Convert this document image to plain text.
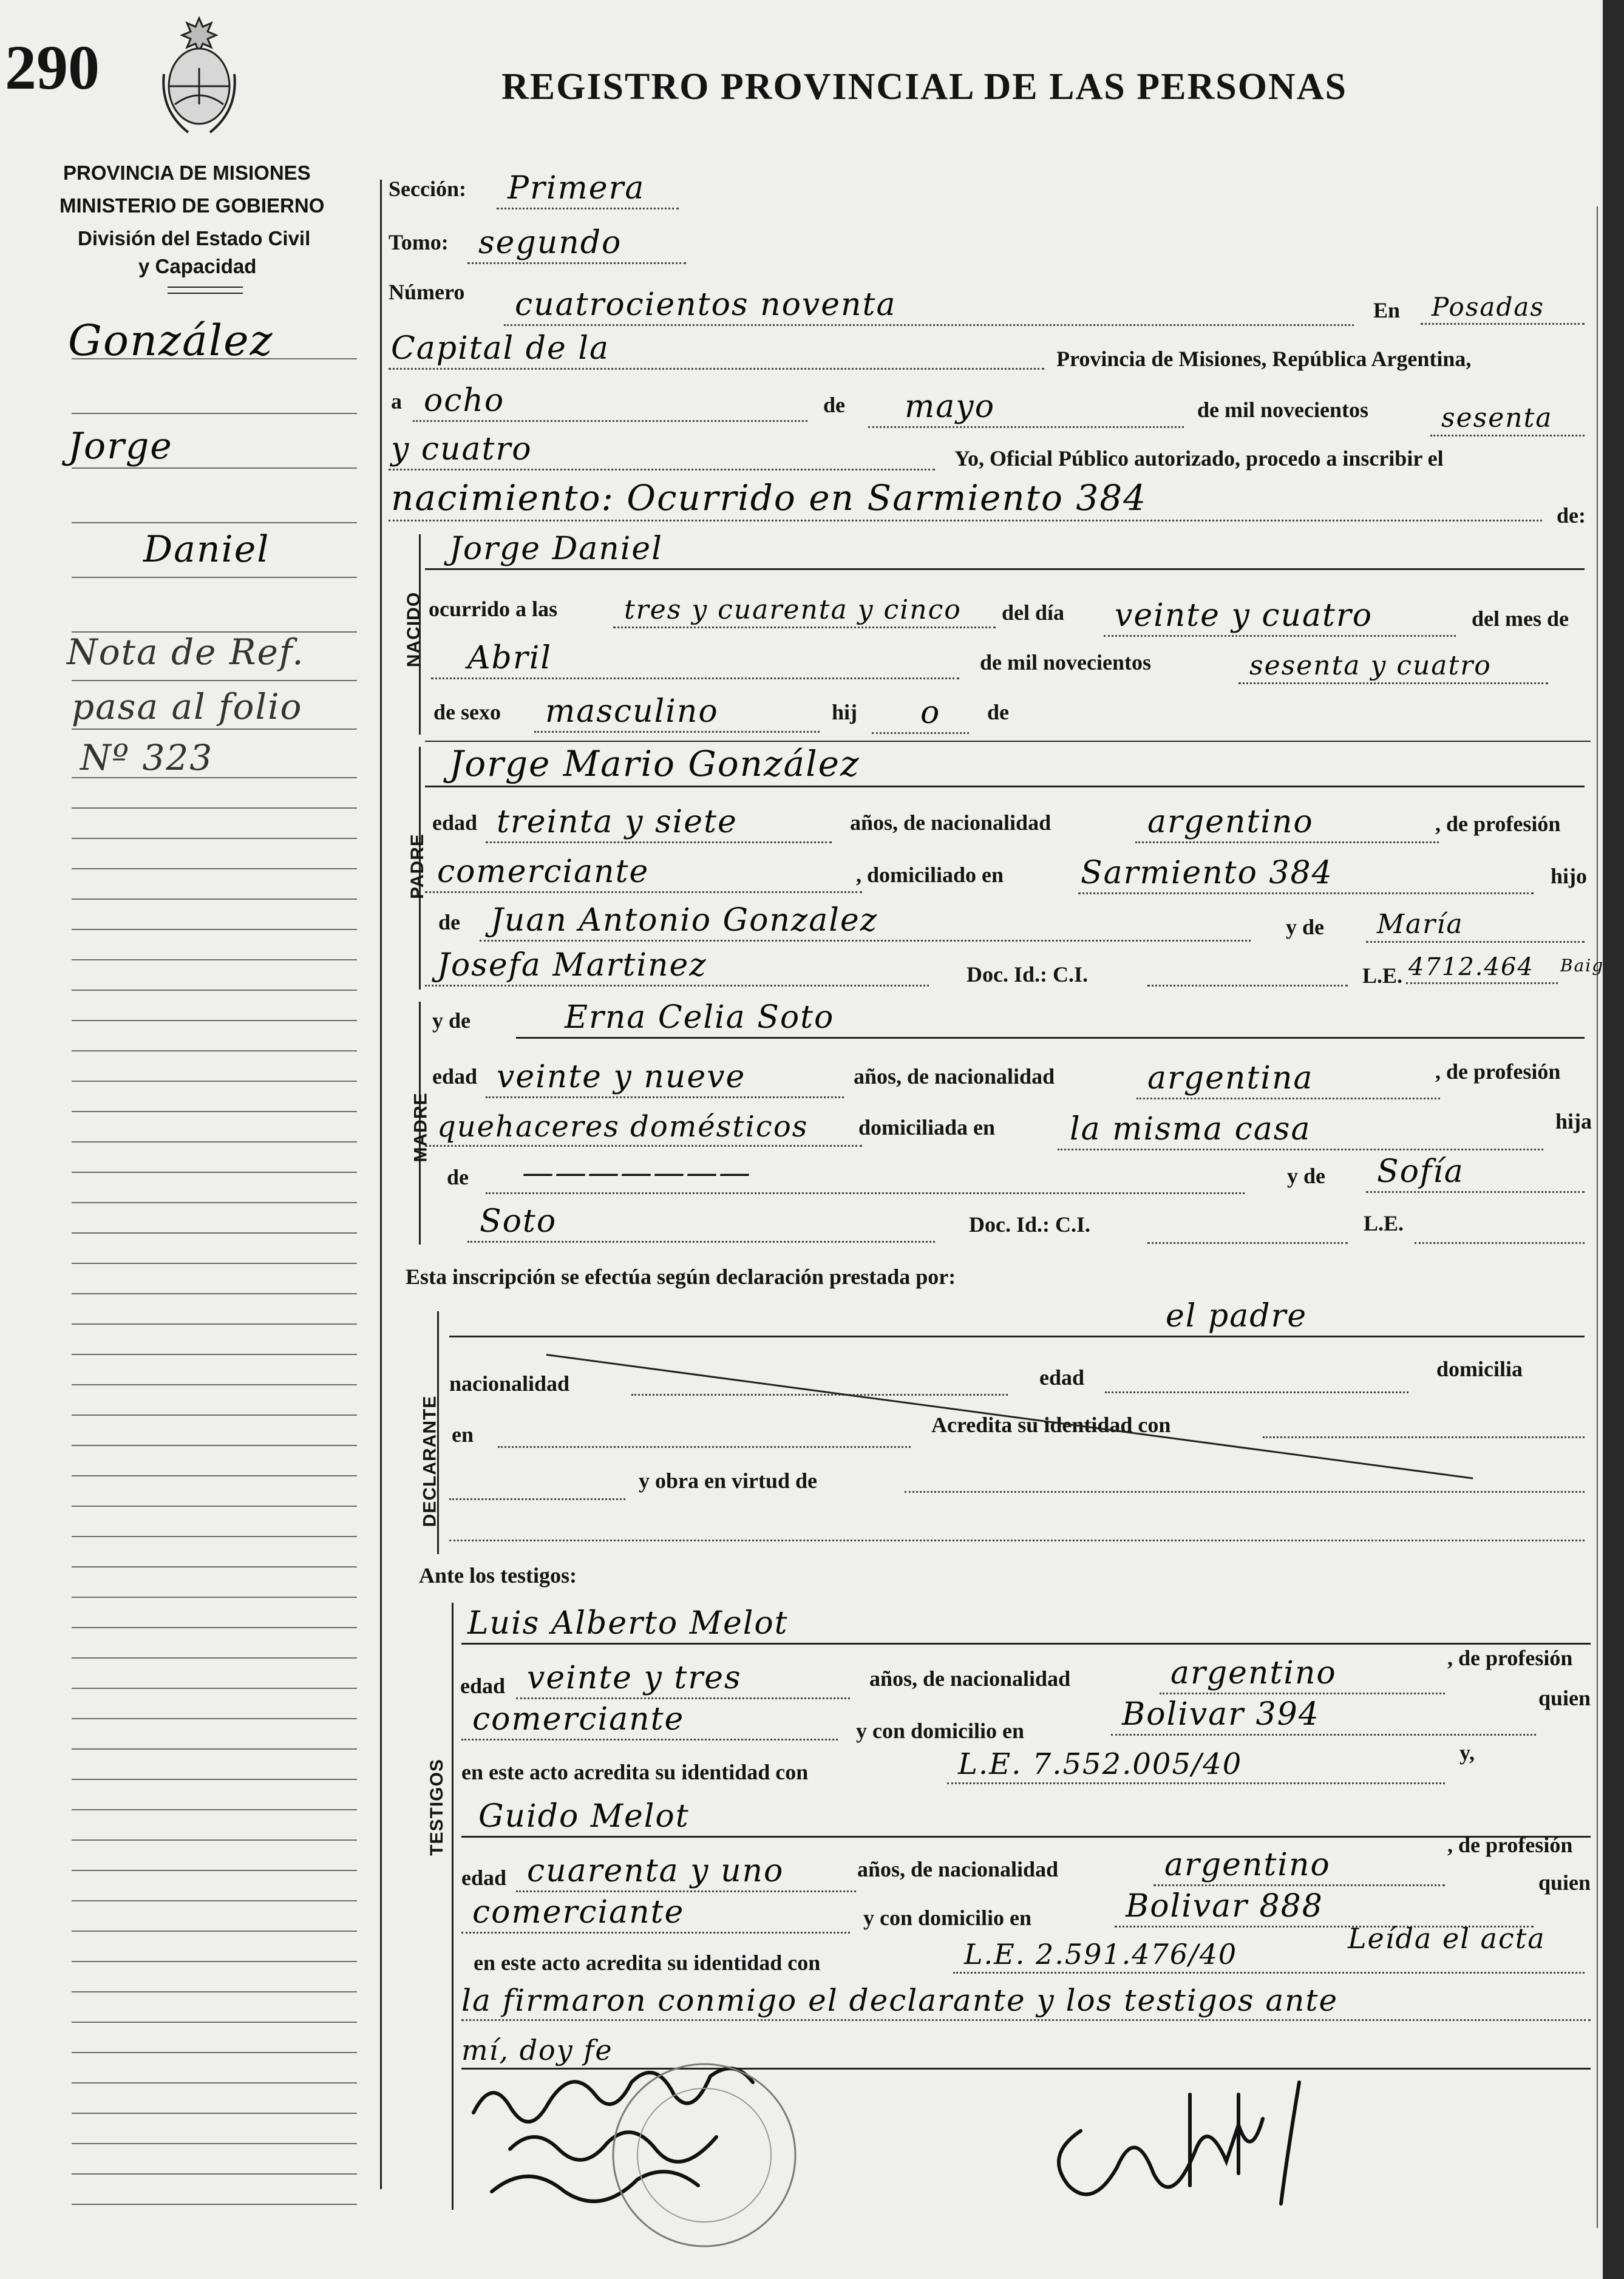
290	REGISTRO PROVINCIAL DE LAS PERSONAS
PROVINCIA DE MISIONES
MINISTERIO DE GOBIERNO
División del Estado Civil
y Capacidad
González
Jorge
Daniel
Nota de Ref.
pasa al folio
Nº 323
Sección: Primera
Tomo: segundo
Número cuatrocientos noventa	En Posadas
Capital de la	Provincia de Misiones, República Argentina,
a ocho	de mayo	de mil novecientos	sesenta
y cuatro	Yo, Oficial Público autorizado, procedo a inscribir el
nacimiento: Ocurrido en Sarmiento 384	de:
NACIDO
Jorge Daniel
ocurrido a las	tres y cuarenta y cinco del día veinte y cuatro	del mes de
Abril	de mil novecientos	sesenta y cuatro
de sexo masculino	hij o de
PADRE
Jorge Mario González
edad treinta y siete	años, de nacionalidad	argentino	, de profesión
comerciante	, domiciliado en Sarmiento 384	hijo
de Juan Antonio Gonzalez	y de María
Josefa Martinez	Doc. Id.: C.I.	L.E. 4712.464 Baig
MADRE
y de	Erna Celia Soto
edad veinte y nueve	años, de nacionalidad	argentina	, de profesión
quehaceres domésticos domiciliada en la misma casa	hija
de ———————	y de Sofía
Soto	Doc. Id.: C.I.	L.E.
Esta inscripción se efectúa según declaración prestada por:
DECLARANTE
el padre
nacionalidad	edad	domicilia
en	Acredita su identidad con
y obra en virtud de
Ante los testigos:
TESTIGOS
Luis Alberto Melot
edad veinte y tres	años, de nacionalidad	argentino	, de profesión
comerciante	y con domicilio en	Bolivar 394	quien
en este acto acredita su identidad con	L.E. 7.552.005/40	y,
Guido Melot
edad cuarenta y uno	años, de nacionalidad	argentino
, de profesión
comerciante	y con domicilio en	Bolivar 888
quien
en este acto acredita su identidad con	L.E. 2.591.476/40	Leída el acta
la firmaron conmigo el declarante y los testigos ante
mí, doy fe
